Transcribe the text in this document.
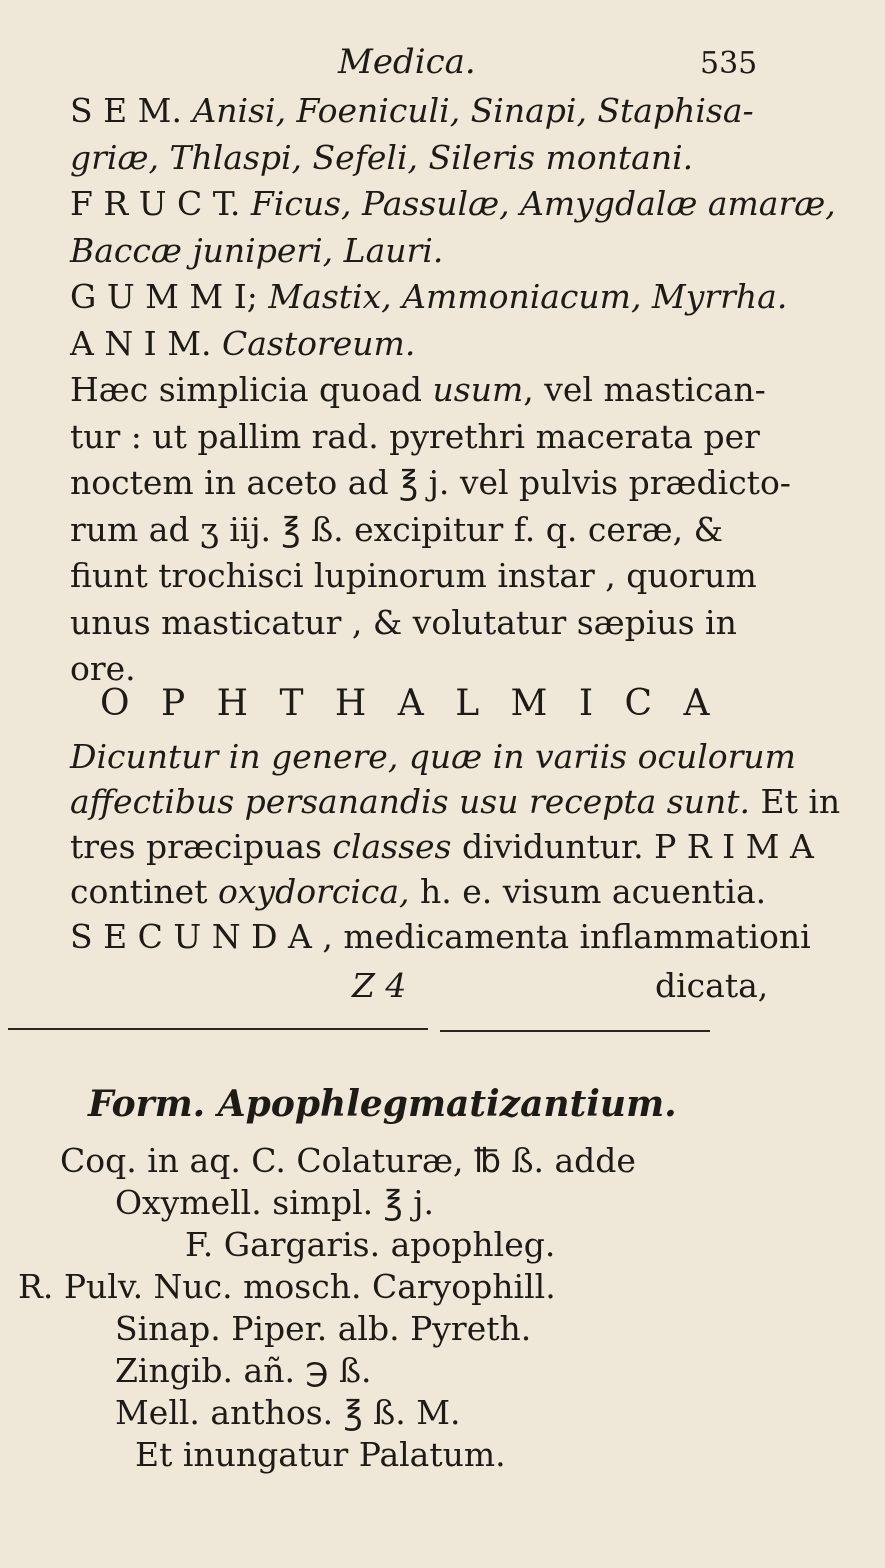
Medica.	535
S E M. Anisi, Foeniculi, Sinapi, Staphisa-
griæ, Thlaspi, Sefeli, Sileris montani.
F R U C T. Ficus, Passulæ, Amygdalæ amaræ,
Baccæ juniperi, Lauri.
G U M M I; Mastix, Ammoniacum, Myrrha.
A N I M. Castoreum.
Hæc simplicia quoad usum, vel mastican-
tur : ut pallim rad. pyrethri macerata per
noctem in aceto ad ℥ j. vel pulvis prædicto-
rum ad ʒ iij. ℥ ß. excipitur f. q. ceræ, &
fiunt trochisci lupinorum instar , quorum
unus masticatur , & volutatur sæpius in
ore.
O P H T H A L M I C A
Dicuntur in genere, quæ in variis oculorum
affectibus persanandis usu recepta sunt. Et in
tres præcipuas classes dividuntur. P R I M A
continet oxydorcica, h. e. visum acuentia.
S E C U N D A , medicamenta inflammationi
Z 4	dicata,
Form. Apophlegmatizantium.
Coq. in aq. C. Colaturæ, ℔ ß. adde
Oxymell. simpl. ℥ j.
F. Gargaris. apophleg.
R. Pulv. Nuc. mosch. Caryophill.
Sinap. Piper. alb. Pyreth.
Zingib. añ. ℈ ß.
Mell. anthos. ℥ ß. M.
Et inungatur Palatum.
